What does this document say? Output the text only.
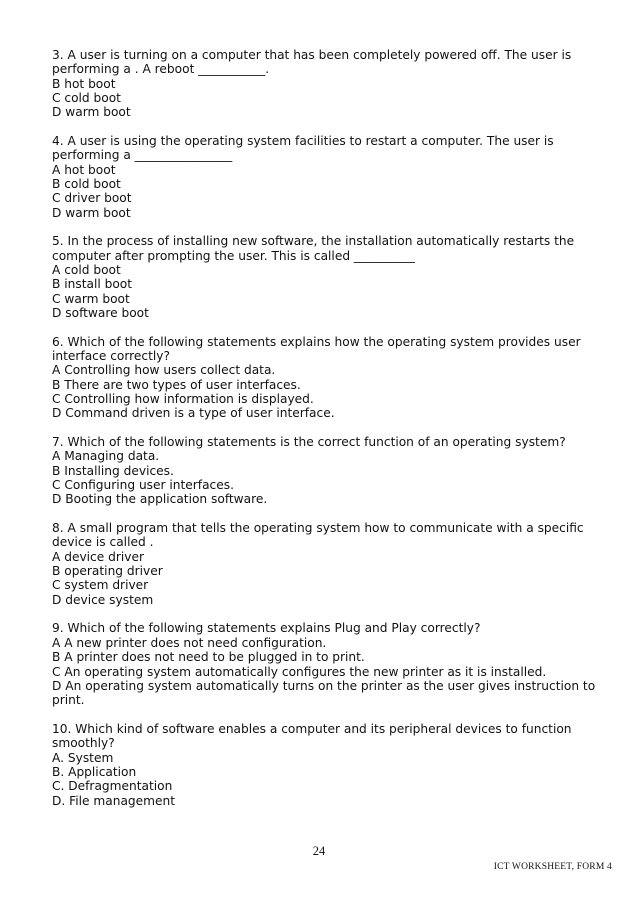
3. A user is turning on a computer that has been completely powered off. The user is performing a . A reboot ___________.
B hot boot
C cold boot
D warm boot
4. A user is using the operating system facilities to restart a computer. The user is performing a ________________
A hot boot
B cold boot
C driver boot
D warm boot
5. In the process of installing new software, the installation automatically restarts the computer after prompting the user. This is called __________
A cold boot
B install boot
C warm boot
D software boot
6. Which of the following statements explains how the operating system provides user interface correctly?
A Controlling how users collect data.
B There are two types of user interfaces.
C Controlling how information is displayed.
D Command driven is a type of user interface.
7. Which of the following statements is the correct function of an operating system?
A Managing data.
B Installing devices.
C Configuring user interfaces.
D Booting the application software.
8. A small program that tells the operating system how to communicate with a specific device is called .
A device driver
B operating driver
C system driver
D device system
9. Which of the following statements explains Plug and Play correctly?
A A new printer does not need configuration.
B A printer does not need to be plugged in to print.
C An operating system automatically configures the new printer as it is installed.
D An operating system automatically turns on the printer as the user gives instruction to print.
10. Which kind of software enables a computer and its peripheral devices to function smoothly?
A. System
B. Application
C. Defragmentation
D. File management
24
ICT WORKSHEET, FORM 4
